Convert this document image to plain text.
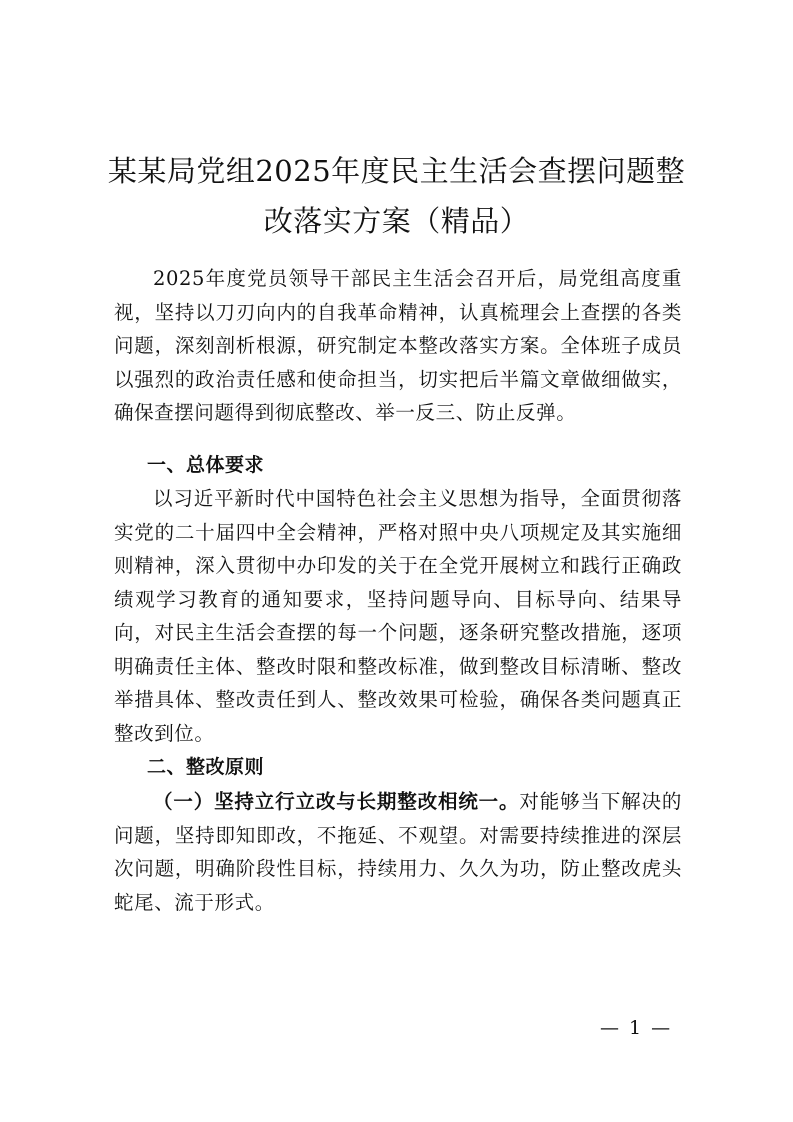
某某局党组2025年度民主生活会查摆问题整
改落实方案（精品）

2025年度党员领导干部民主生活会召开后，局党组高度重视，坚持以刀刃向内的自我革命精神，认真梳理会上查摆的各类问题，深刻剖析根源，研究制定本整改落实方案。全体班子成员以强烈的政治责任感和使命担当，切实把后半篇文章做细做实，确保查摆问题得到彻底整改、举一反三、防止反弹。

一、总体要求

以习近平新时代中国特色社会主义思想为指导，全面贯彻落实党的二十届四中全会精神，严格对照中央八项规定及其实施细则精神，深入贯彻中办印发的关于在全党开展树立和践行正确政绩观学习教育的通知要求，坚持问题导向、目标导向、结果导向，对民主生活会查摆的每一个问题，逐条研究整改措施，逐项明确责任主体、整改时限和整改标准，做到整改目标清晰、整改举措具体、整改责任到人、整改效果可检验，确保各类问题真正整改到位。

二、整改原则

（一）坚持立行立改与长期整改相统一。对能够当下解决的问题，坚持即知即改，不拖延、不观望。对需要持续推进的深层次问题，明确阶段性目标，持续用力、久久为功，防止整改虎头蛇尾、流于形式。

— 1 —
